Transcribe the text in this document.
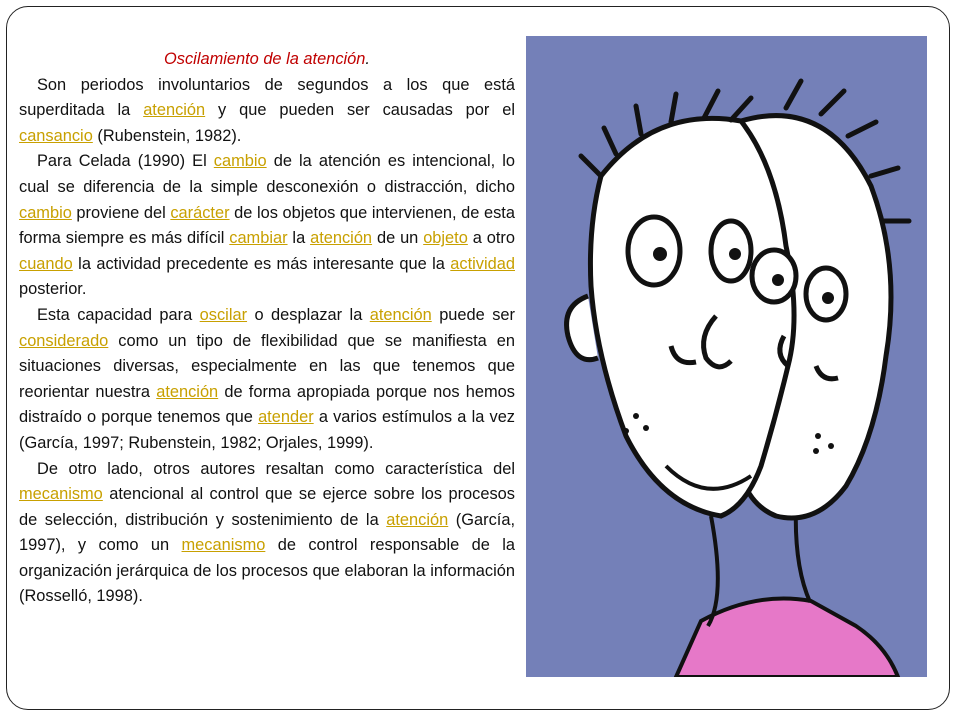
Oscilamiento de la atención.

Son periodos involuntarios de segundos a los que está superditada la atención y que pueden ser causadas por el cansancio (Rubenstein, 1982).

Para Celada (1990) El cambio de la atención es intencional, lo cual se diferencia de la simple desconexión o distracción, dicho cambio proviene del carácter de los objetos que intervienen, de esta forma siempre es más difícil cambiar la atención de un objeto a otro cuando la actividad precedente es más interesante que la actividad posterior.

Esta capacidad para oscilar o desplazar la atención puede ser considerado como un tipo de flexibilidad que se manifiesta en situaciones diversas, especialmente en las que tenemos que reorientar nuestra atención de forma apropiada porque nos hemos distraído o porque tenemos que atender a varios estímulos a la vez (García, 1997; Rubenstein, 1982; Orjales, 1999).

De otro lado, otros autores resaltan como característica del mecanismo atencional al control que se ejerce sobre los procesos de selección, distribución y sostenimiento de la atención (García, 1997), y como un mecanismo de control responsable de la organización jerárquica de los procesos que elaboran la información (Rosselló, 1998).
